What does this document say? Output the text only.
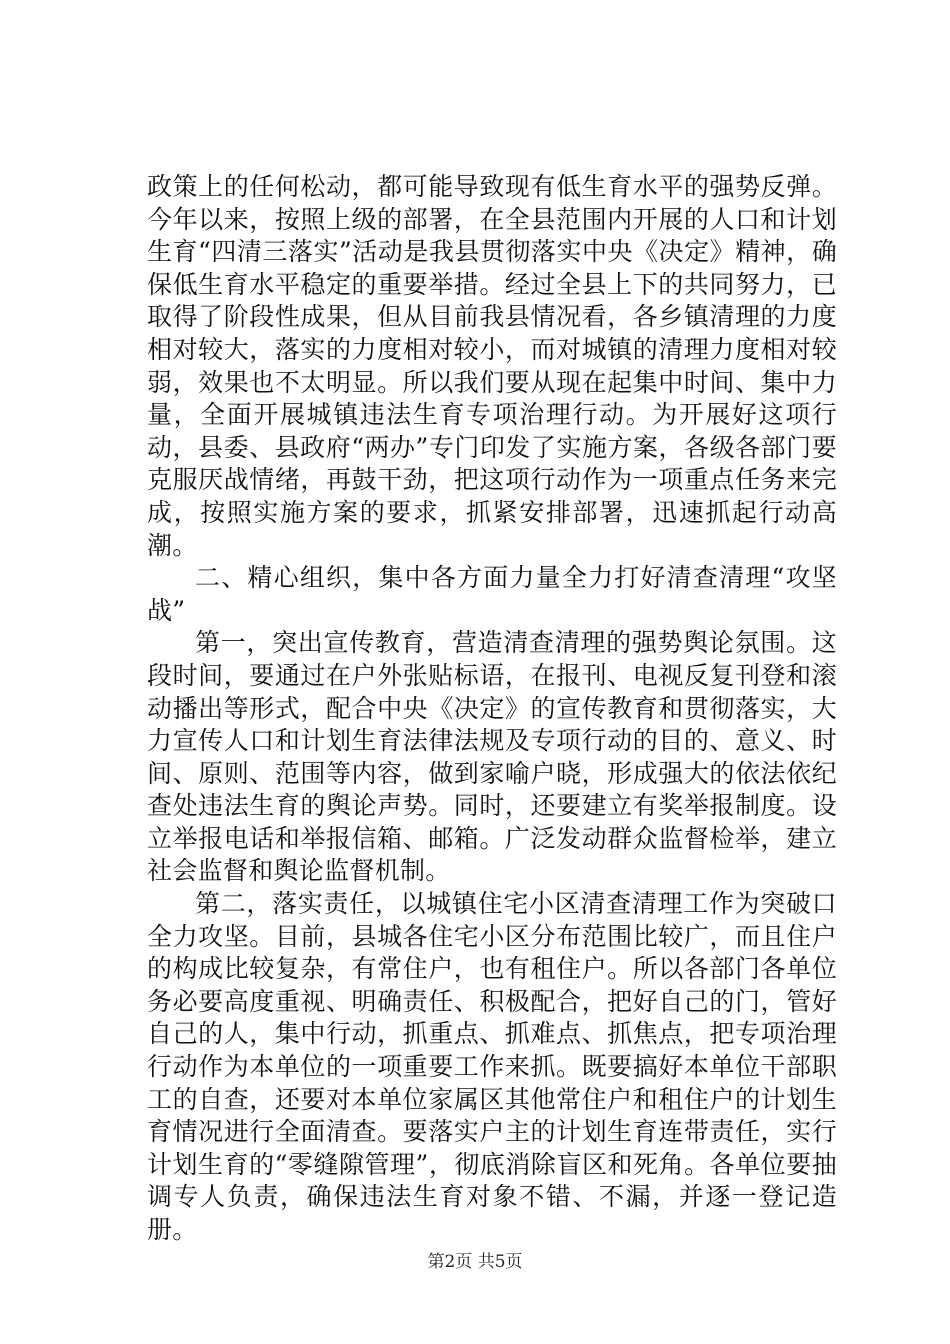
政策上的任何松动，都可能导致现有低生育水平的强势反弹。今年以来，按照上级的部署，在全县范围内开展的人口和计划生育“四清三落实”活动是我县贯彻落实中央《决定》精神，确保低生育水平稳定的重要举措。经过全县上下的共同努力，已取得了阶段性成果，但从目前我县情况看，各乡镇清理的力度相对较大，落实的力度相对较小，而对城镇的清理力度相对较弱，效果也不太明显。所以我们要从现在起集中时间、集中力量，全面开展城镇违法生育专项治理行动。为开展好这项行动，县委、县政府“两办”专门印发了实施方案，各级各部门要克服厌战情绪，再鼓干劲，把这项行动作为一项重点任务来完成，按照实施方案的要求，抓紧安排部署，迅速抓起行动高潮。

二、精心组织，集中各方面力量全力打好清查清理“攻坚战”

第一，突出宣传教育，营造清查清理的强势舆论氛围。这段时间，要通过在户外张贴标语，在报刊、电视反复刊登和滚动播出等形式，配合中央《决定》的宣传教育和贯彻落实，大力宣传人口和计划生育法律法规及专项行动的目的、意义、时间、原则、范围等内容，做到家喻户晓，形成强大的依法依纪查处违法生育的舆论声势。同时，还要建立有奖举报制度。设立举报电话和举报信箱、邮箱。广泛发动群众监督检举，建立社会监督和舆论监督机制。

第二，落实责任，以城镇住宅小区清查清理工作为突破口全力攻坚。目前，县城各住宅小区分布范围比较广，而且住户的构成比较复杂，有常住户，也有租住户。所以各部门各单位务必要高度重视、明确责任、积极配合，把好自己的门，管好自己的人，集中行动，抓重点、抓难点、抓焦点，把专项治理行动作为本单位的一项重要工作来抓。既要搞好本单位干部职工的自查，还要对本单位家属区其他常住户和租住户的计划生育情况进行全面清查。要落实户主的计划生育连带责任，实行计划生育的“零缝隙管理”，彻底消除盲区和死角。各单位要抽调专人负责，确保违法生育对象不错、不漏，并逐一登记造册。

第2页 共5页
